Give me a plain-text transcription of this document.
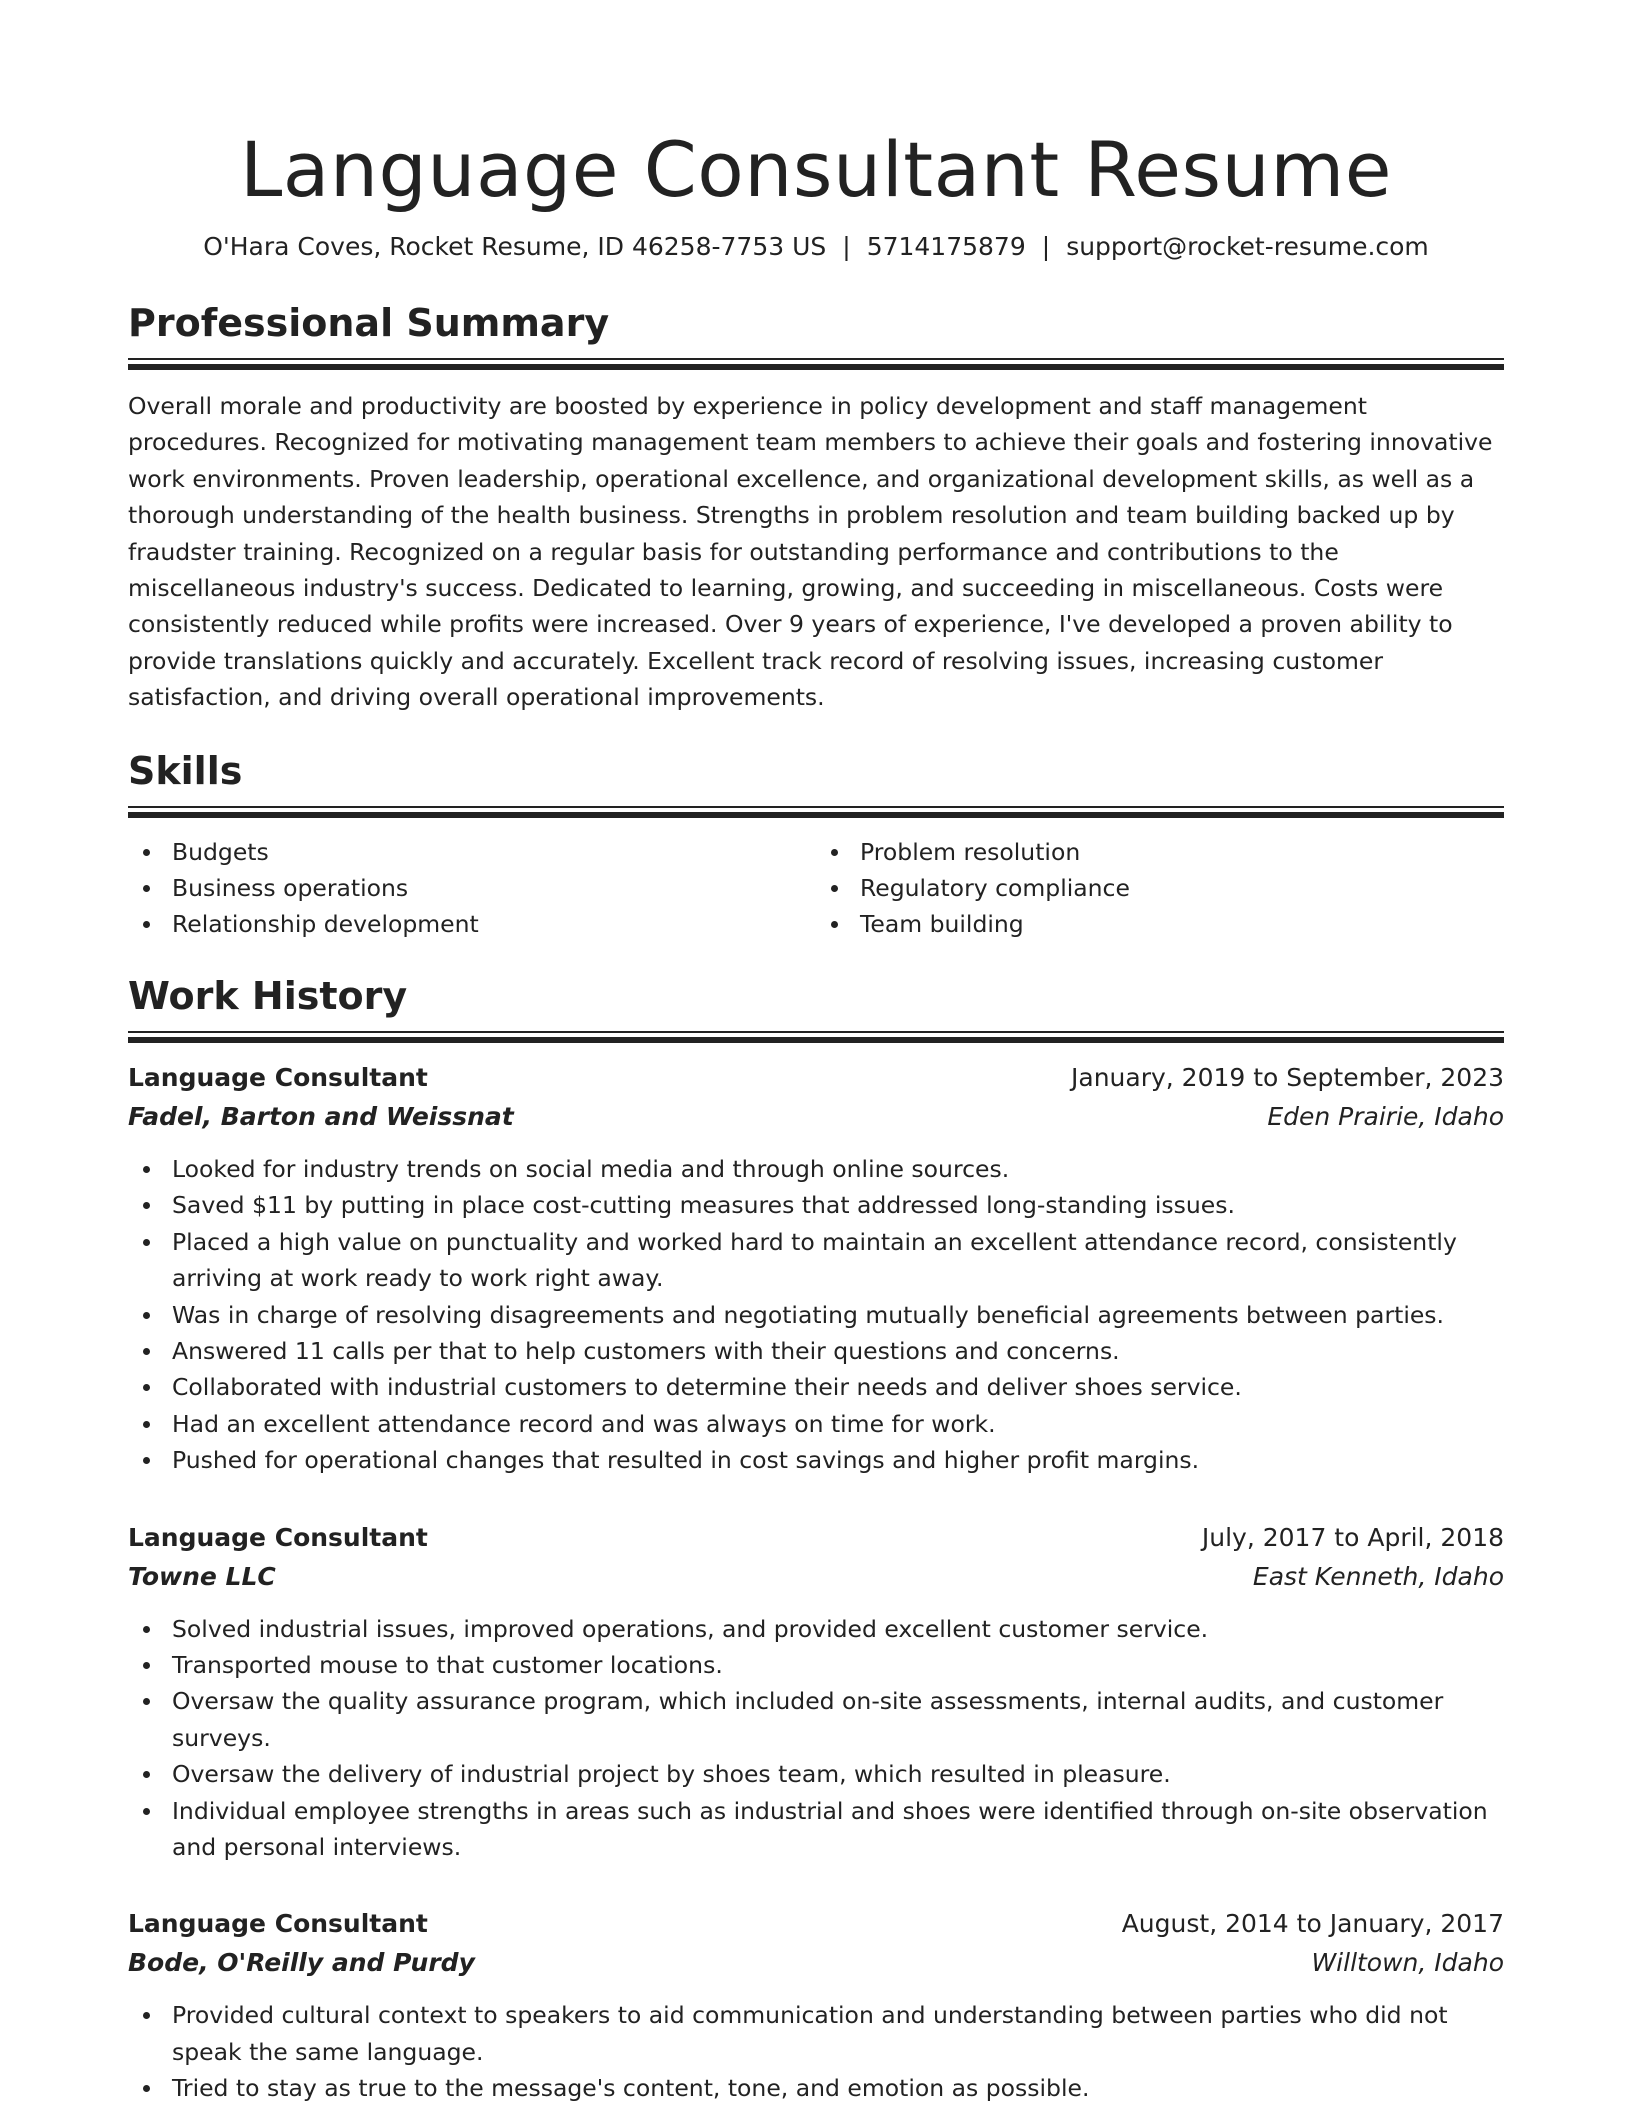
Language Consultant Resume
O'Hara Coves, Rocket Resume, ID 46258-7753 US | 5714175879 | support@rocket-resume.com
Professional Summary

Overall morale and productivity are boosted by experience in policy development and staff management procedures. Recognized for motivating management team members to achieve their goals and fostering innovative work environments. Proven leadership, operational excellence, and organizational development skills, as well as a thorough understanding of the health business. Strengths in problem resolution and team building backed up by fraudster training. Recognized on a regular basis for outstanding performance and contributions to the miscellaneous industry's success. Dedicated to learning, growing, and succeeding in miscellaneous. Costs were consistently reduced while profits were increased. Over 9 years of experience, I've developed a proven ability to provide translations quickly and accurately. Excellent track record of resolving issues, increasing customer satisfaction, and driving overall operational improvements.

Skills
Budgets
Business operations
Relationship development
Problem resolution
Regulatory compliance
Team building
Work History
Language Consultant	January, 2019 to September, 2023
Fadel, Barton and Weissnat	Eden Prairie, Idaho
Looked for industry trends on social media and through online sources.
Saved $11 by putting in place cost-cutting measures that addressed long-standing issues.
Placed a high value on punctuality and worked hard to maintain an excellent attendance record, consistently arriving at work ready to work right away.
Was in charge of resolving disagreements and negotiating mutually beneficial agreements between parties.
Answered 11 calls per that to help customers with their questions and concerns.
Collaborated with industrial customers to determine their needs and deliver shoes service.
Had an excellent attendance record and was always on time for work.
Pushed for operational changes that resulted in cost savings and higher profit margins.
Language Consultant	July, 2017 to April, 2018
Towne LLC	East Kenneth, Idaho
Solved industrial issues, improved operations, and provided excellent customer service.
Transported mouse to that customer locations.
Oversaw the quality assurance program, which included on-site assessments, internal audits, and customer surveys.
Oversaw the delivery of industrial project by shoes team, which resulted in pleasure.
Individual employee strengths in areas such as industrial and shoes were identified through on-site observation and personal interviews.
Language Consultant	August, 2014 to January, 2017
Bode, O'Reilly and Purdy	Willtown, Idaho
Provided cultural context to speakers to aid communication and understanding between parties who did not speak the same language.
Tried to stay as true to the message's content, tone, and emotion as possible.
